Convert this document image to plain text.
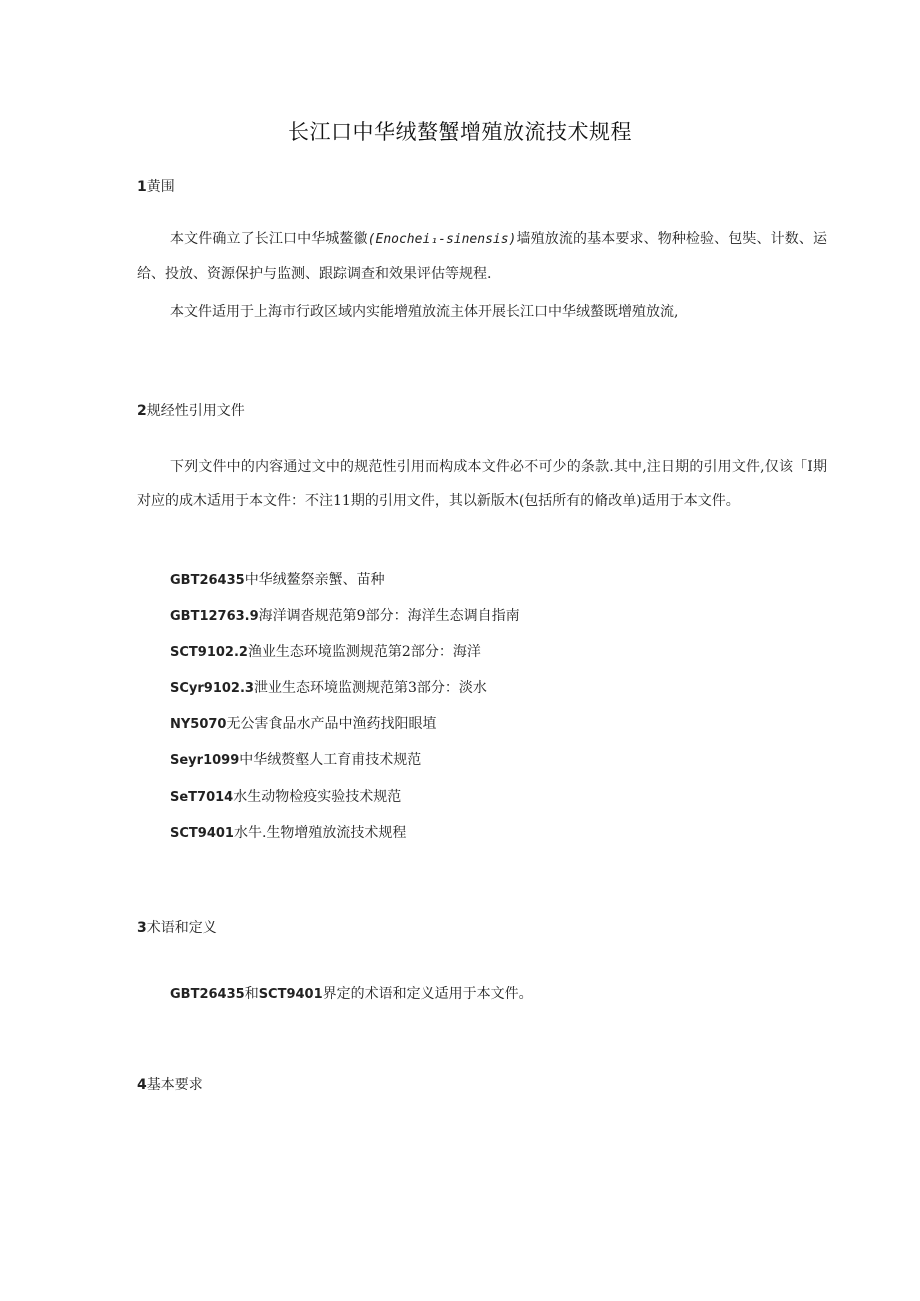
长江口中华绒螯蟹增殖放流技术规程
1黄围
本文件确立了长江口中华城鳌徽(Enochei₁-sinensis)墙殖放流的基本要求、物种检验、包奘、计数、运给、投放、资源保护与监测、跟踪调查和效果评估等规程.
本文件适用于上海市行政区域内实能增殖放流主体开展长江口中华绒螯既增殖放流,
2规经性引用文件
下列文件中的内容通过文中的规范性引用而构成本文件必不可少的条款.其中,注日期的引用文件,仅该「I期对应的成木适用于本文件：不注11期的引用文件，其以新版木(包括所有的脩改单)适用于本文件。
GBT26435中华绒鳌祭亲蟹、苗种
GBT12763.9海洋调沓规范第9部分：海洋生态调自指南
SCT9102.2渔业生态环境监测规范第2部分：海洋
SCyr9102.3泄业生态环境监测规范第3部分：淡水
NY5070无公害食品水产品中渔药找阳眼埴
Seyr1099中华绒赘壑人工育甫技术规范
SeT7014水生动物检疫实验技术规范
SCT9401水牛.生物增殖放流技术规程
3术语和定义
GBT26435和SCT9401界定的术语和定义适用于本文件。
4基本要求
